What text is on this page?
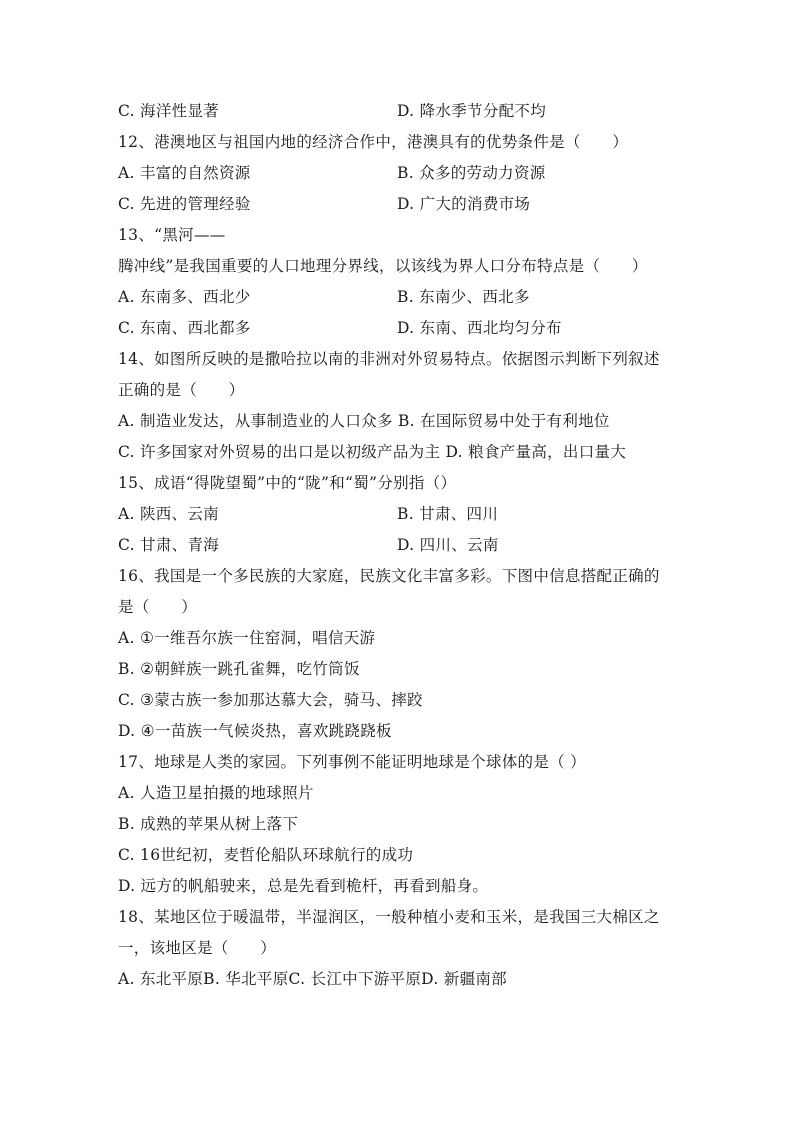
C. 海洋性显著	D. 降水季节分配不均
12、港澳地区与祖国内地的经济合作中，港澳具有的优势条件是（　　）
A. 丰富的自然资源	B. 众多的劳动力资源
C. 先进的管理经验	D. 广大的消费市场
13、“黑河——
腾冲线”是我国重要的人口地理分界线，以该线为界人口分布特点是（　　）
A. 东南多、西北少	B. 东南少、西北多
C. 东南、西北都多	D. 东南、西北均匀分布
14、如图所反映的是撒哈拉以南的非洲对外贸易特点。依据图示判断下列叙述
正确的是（　　）
A. 制造业发达，从事制造业的人口众多 B. 在国际贸易中处于有利地位
C. 许多国家对外贸易的出口是以初级产品为主 D. 粮食产量高，出口量大
15、成语“得陇望蜀”中的“陇”和“蜀”分别指（）
A. 陕西、云南	B. 甘肃、四川
C. 甘肃、青海	D. 四川、云南
16、我国是一个多民族的大家庭，民族文化丰富多彩。下图中信息搭配正确的
是（　　）
A. ①一维吾尔族一住窑洞，唱信天游
B. ②朝鲜族一跳孔雀舞，吃竹筒饭
C. ③蒙古族一参加那达慕大会，骑马、摔跤
D. ④一苗族一气候炎热，喜欢跳跷跷板
17、地球是人类的家园。下列事例不能证明地球是个球体的是（ ）
A. 人造卫星拍摄的地球照片
B. 成熟的苹果从树上落下
C. 16世纪初，麦哲伦船队环球航行的成功
D. 远方的帆船驶来，总是先看到桅杆，再看到船身。
18、某地区位于暖温带，半湿润区，一般种植小麦和玉米，是我国三大棉区之
一，该地区是（　　）
A. 东北平原B. 华北平原C. 长江中下游平原D. 新疆南部
